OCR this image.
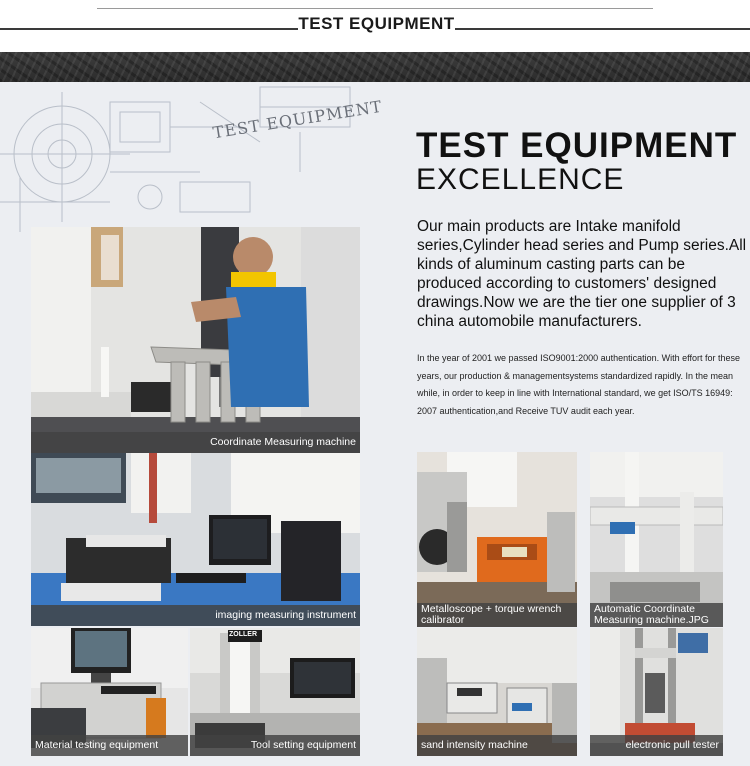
TEST EQUIPMENT
TEST EQUIPMENT
TEST EQUIPMENT
EXCELLENCE
Our main products are Intake manifold series,Cylinder head series and Pump series.All kinds of aluminum casting parts can be produced according to customers' designed drawings.Now we are the tier one supplier of 3 china automobile manufacturers.
In the year of 2001 we passed ISO9001:2000 authentication. With effort for these years, our production & managementsystems standardized rapidly. In the mean while, in order to keep in line with International standard, we get ISO/TS 16949: 2007 authentication,and Receive TUV audit each year.
Coordinate Measuring machine
imaging measuring instrument
Material testing equipment
ZOLLER
Tool setting equipment
Metalloscope + torque wrench calibrator
Automatic Coordinate Measuring machine.JPG
sand intensity machine	electronic pull tester
